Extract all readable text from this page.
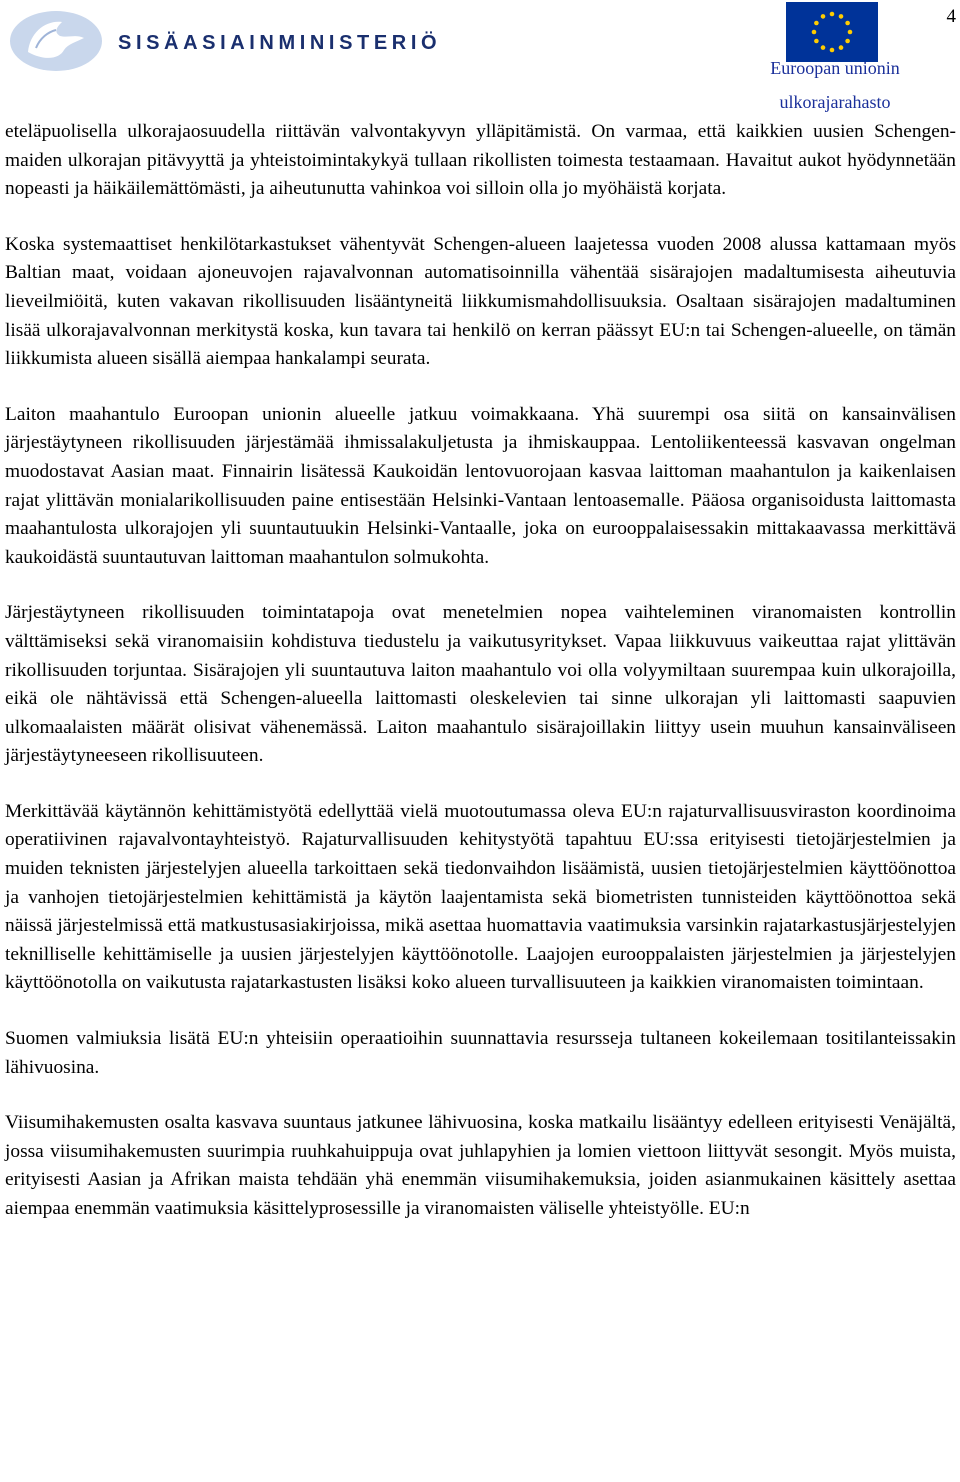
SISÄASIAINMINISTERIÖ
Euroopan unionin
ulkorajarahasto
4

eteläpuolisella ulkorajaosuudella riittävän valvontakyvyn ylläpitämistä. On varmaa, että kaikkien uusien Schengen-maiden ulkorajan pitävyyttä ja yhteistoimintakykyä tullaan rikollisten toimesta testaamaan. Havaitut aukot hyödynnetään nopeasti ja häikäilemättömästi, ja aiheutunutta vahinkoa voi silloin olla jo myöhäistä korjata.

Koska systemaattiset henkilötarkastukset vähentyvät Schengen-alueen laajetessa vuoden 2008 alussa kattamaan myös Baltian maat, voidaan ajoneuvojen rajavalvonnan automatisoinnilla vähentää sisärajojen madaltumisesta aiheutuvia lieveilmiöitä, kuten vakavan rikollisuuden lisääntyneitä liikkumismahdollisuuksia. Osaltaan sisärajojen madaltuminen lisää ulkorajavalvonnan merkitystä koska, kun tavara tai henkilö on kerran päässyt EU:n tai Schengen-alueelle, on tämän liikkumista alueen sisällä aiempaa hankalampi seurata.

Laiton maahantulo Euroopan unionin alueelle jatkuu voimakkaana. Yhä suurempi osa siitä on kansainvälisen järjestäytyneen rikollisuuden järjestämää ihmissalakuljetusta ja ihmiskauppaa. Lentoliikenteessä kasvavan ongelman muodostavat Aasian maat. Finnairin lisätessä Kaukoidän lentovuorojaan kasvaa laittoman maahantulon ja kaikenlaisen rajat ylittävän monialarikollisuuden paine entisestään Helsinki-Vantaan lentoasemalle. Pääosa organisoidusta laittomasta maahantulosta ulkorajojen yli suuntautuukin Helsinki-Vantaalle, joka on eurooppalaisessakin mittakaavassa merkittävä kaukoidästä suuntautuvan laittoman maahantulon solmukohta.

Järjestäytyneen rikollisuuden toimintatapoja ovat menetelmien nopea vaihteleminen viranomaisten kontrollin välttämiseksi sekä viranomaisiin kohdistuva tiedustelu ja vaikutusyritykset. Vapaa liikkuvuus vaikeuttaa rajat ylittävän rikollisuuden torjuntaa. Sisärajojen yli suuntautuva laiton maahantulo voi olla volyymiltaan suurempaa kuin ulkorajoilla, eikä ole nähtävissä että Schengen-alueella laittomasti oleskelevien tai sinne ulkorajan yli laittomasti saapuvien ulkomaalaisten määrät olisivat vähenemässä. Laiton maahantulo sisärajoillakin liittyy usein muuhun kansainväliseen järjestäytyneeseen rikollisuuteen.

Merkittävää käytännön kehittämistyötä edellyttää vielä muotoutumassa oleva EU:n rajaturvallisuusviraston koordinoima operatiivinen rajavalvontayhteistyö. Rajaturvallisuuden kehitystyötä tapahtuu EU:ssa erityisesti tietojärjestelmien ja muiden teknisten järjestelyjen alueella tarkoittaen sekä tiedonvaihdon lisäämistä, uusien tietojärjestelmien käyttöönottoa ja vanhojen tietojärjestelmien kehittämistä ja käytön laajentamista sekä biometristen tunnisteiden käyttöönottoa sekä näissä järjestelmissä että matkustusasiakirjoissa, mikä asettaa huomattavia vaatimuksia varsinkin rajatarkastusjärjestelyjen teknilliselle kehittämiselle ja uusien järjestelyjen käyttöönotolle. Laajojen eurooppalaisten järjestelmien ja järjestelyjen käyttöönotolla on vaikutusta rajatarkastusten lisäksi koko alueen turvallisuuteen ja kaikkien viranomaisten toimintaan.

Suomen valmiuksia lisätä EU:n yhteisiin operaatioihin suunnattavia resursseja tultaneen kokeilemaan tositilanteissakin lähivuosina.

Viisumihakemusten osalta kasvava suuntaus jatkunee lähivuosina, koska matkailu lisääntyy edelleen erityisesti Venäjältä, jossa viisumihakemusten suurimpia ruuhkahuippuja ovat juhlapyhien ja lomien viettoon liittyvät sesongit. Myös muista, erityisesti Aasian ja Afrikan maista tehdään yhä enemmän viisumihakemuksia, joiden asianmukainen käsittely asettaa aiempaa enemmän vaatimuksia käsittelyprosessille ja viranomaisten väliselle yhteistyölle. EU:n
